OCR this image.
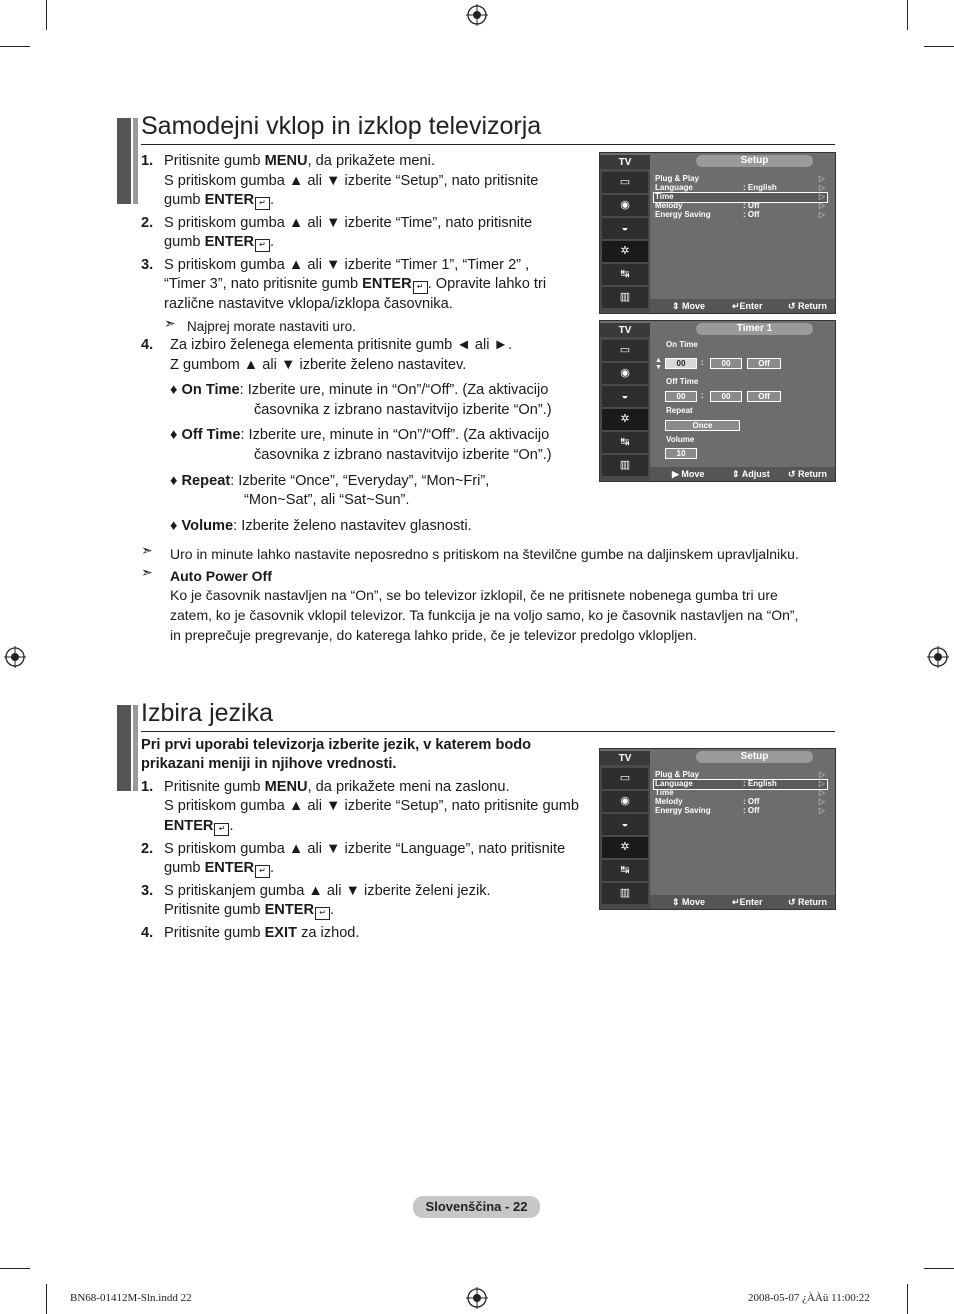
Samodejni vklop in izklop televizorja
1. Pritisnite gumb MENU, da prikažete meni.
S pritiskom gumba ▲ ali ▼ izberite “Setup”, nato pritisnite
gumb ENTER ↵ .
2. S pritiskom gumba ▲ ali ▼ izberite “Time”, nato pritisnite
gumb ENTER ↵ .
3. S pritiskom gumba ▲ ali ▼ izberite “Timer 1”, “Timer 2” ,
“Timer 3”, nato pritisnite gumb ENTER ↵ . Opravite lahko tri
različne nastavitve vklopa/izklopa časovnika.
➣ Najprej morate nastaviti uro.
4. Za izbiro želenega elementa pritisnite gumb ◄ ali ►.
Z gumbom ▲ ali ▼ izberite želeno nastavitev.
♦ On Time: Izberite ure, minute in “On”/“Off”. (Za aktivacijo
časovnika z izbrano nastavitvijo izberite “On”.)
♦ Off Time: Izberite ure, minute in “On”/“Off”. (Za aktivacijo
časovnika z izbrano nastavitvijo izberite “On”.)
♦ Repeat: Izberite “Once”, “Everyday”, “Mon~Fri”,
“Mon~Sat”, ali “Sat~Sun”.
♦ Volume: Izberite želeno nastavitev glasnosti.
➣ Uro in minute lahko nastavite neposredno s pritiskom na številčne gumbe na daljinskem upravljalniku.
➣ Auto Power Off
Ko je časovnik nastavljen na “On”, se bo televizor izklopil, če ne pritisnete nobenega gumba tri ure
zatem, ko je časovnik vklopil televizor. Ta funkcija je na voljo samo, ko je časovnik nastavljen na “On”,
in preprečuje pregrevanje, do katerega lahko pride, če je televizor predolgo vklopljen.
TV	Setup
▭
◉
◒
✲
↹
▥
Plug & Play	▷
Language	: English	▷
Time	▷
Melody	: Off	▷
Energy Saving	: Off	▷
⇕ Move	↵Enter	↺ Return
TV	Timer 1
▭
◉
◒
✲
↹
▥
On Time
▲
▼	00	:	00	Off
Off Time
00	:	00	Off
Repeat
Once
Volume
10
▶ Move	⇕ Adjust ↺ Return
Izbira jezika
Pri prvi uporabi televizorja izberite jezik, v katerem bodo
prikazani meniji in njihove vrednosti.
1. Pritisnite gumb MENU, da prikažete meni na zaslonu.
S pritiskom gumba ▲ ali ▼ izberite “Setup”, nato pritisnite gumb
ENTER ↵ .
2. S pritiskom gumba ▲ ali ▼ izberite “Language”, nato pritisnite
gumb ENTER ↵ .
3. S pritiskanjem gumba ▲ ali ▼ izberite želeni jezik.
Pritisnite gumb ENTER ↵ .
4. Pritisnite gumb EXIT za izhod.
TV	Setup
▭
◉
◒
✲
↹
▥
Plug & Play	▷
Language	: English	▷
Time	▷
Melody	: Off	▷
Energy Saving	: Off	▷
⇕ Move	↵Enter	↺ Return
Slovenščina - 22
BN68-01412M-Sln.indd 22	2008-05-07 ¿ÀÀü 11:00:22
